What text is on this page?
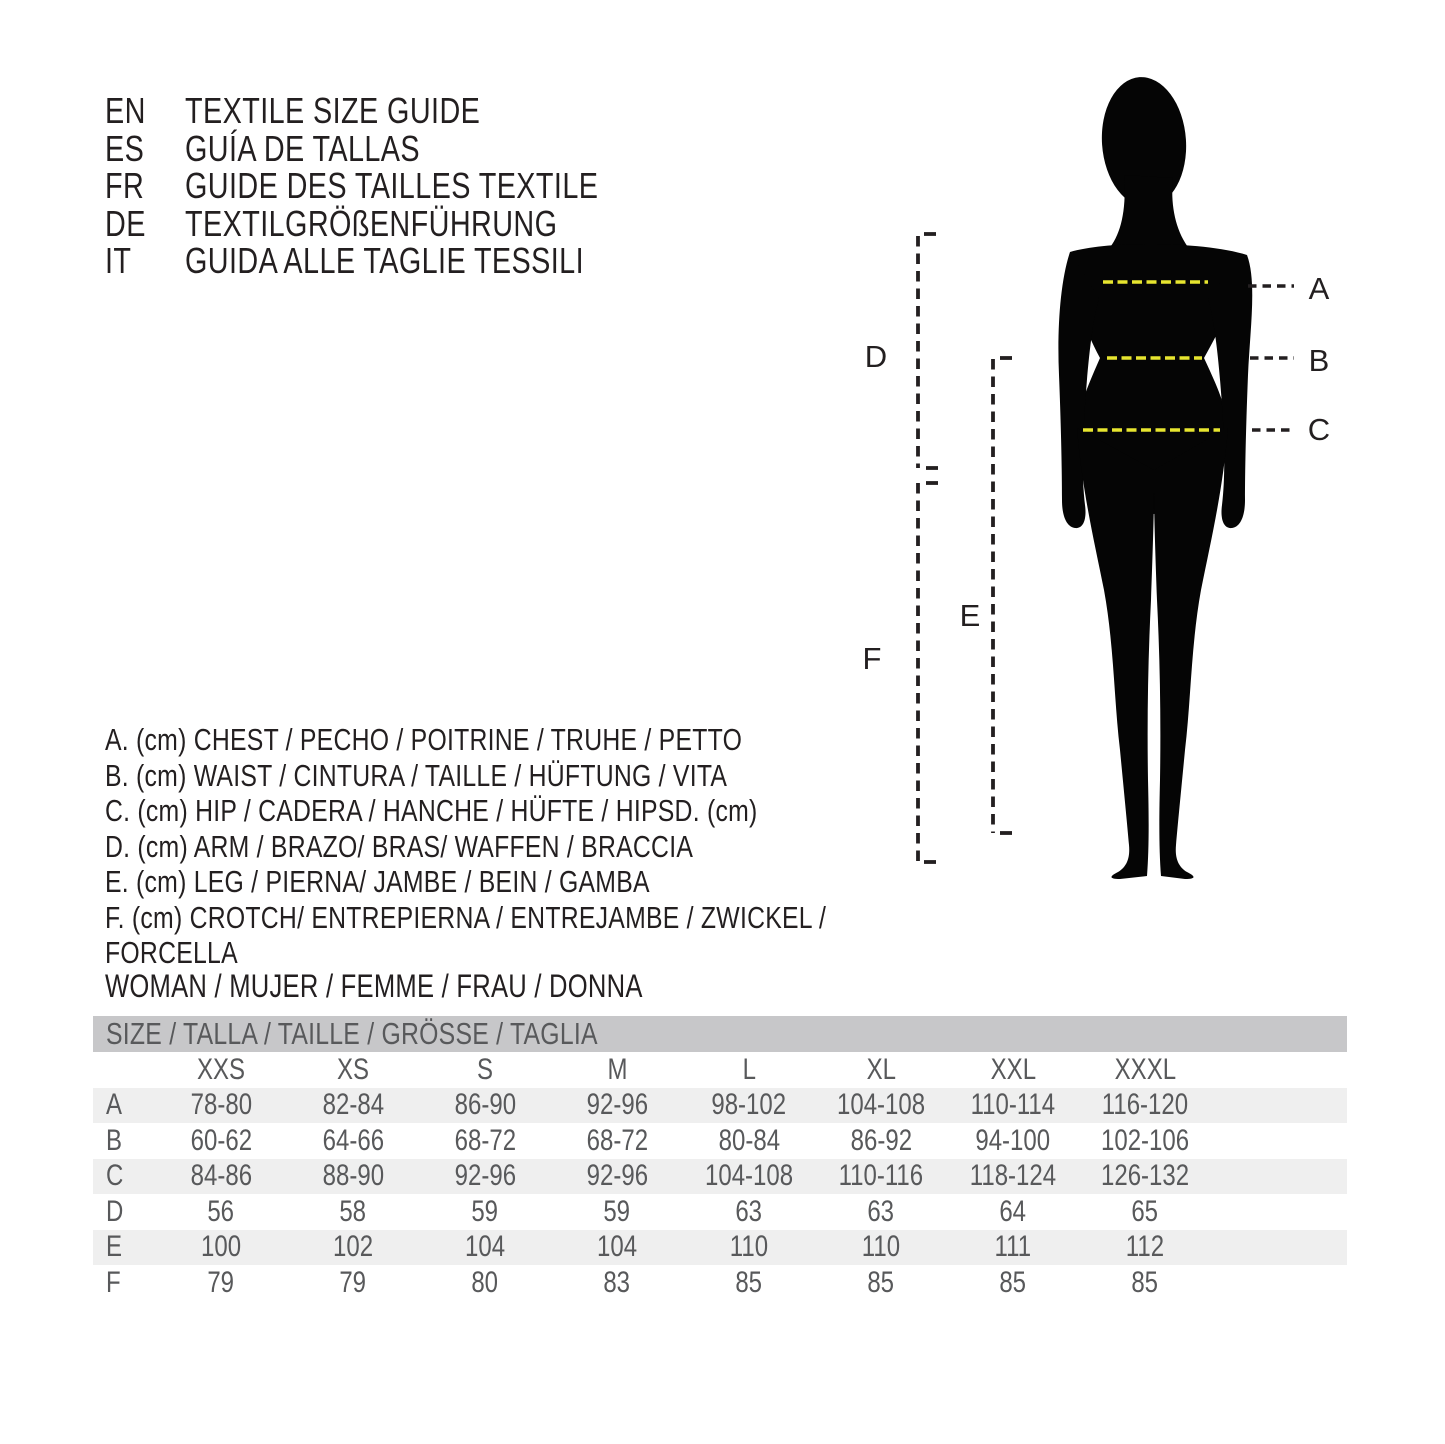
EN	TEXTILE SIZE GUIDE
ES	GUÍA DE TALLAS
FR	GUIDE DES TAILLES TEXTILE
DE	TEXTILGRÖßENFÜHRUNG
IT	GUIDA ALLE TAGLIE TESSILI
A. (cm) CHEST / PECHO / POITRINE / TRUHE / PETTO
B. (cm) WAIST / CINTURA / TAILLE / HÜFTUNG / VITA
C. (cm) HIP / CADERA / HANCHE / HÜFTE / HIPSD. (cm)
D. (cm) ARM / BRAZO/ BRAS/ WAFFEN / BRACCIA
E. (cm) LEG / PIERNA/ JAMBE / BEIN / GAMBA
F. (cm) CROTCH/ ENTREPIERNA / ENTREJAMBE / ZWICKEL / FORCELLA
WOMAN / MUJER / FEMME / FRAU / DONNA
SIZE / TALLA / TAILLE / GRÖSSE / TAGLIA
XXS	XS	S	M	L	XL	XXL	XXXL
A	78-80	82-84	86-90	92-96	98-102	104-108	110-114	116-120
B	60-62	64-66	68-72	68-72	80-84	86-92	94-100	102-106
C	84-86	88-90	92-96	92-96	104-108	110-116	118-124	126-132
D	56	58	59	59	63	63	64	65
E	100	102	104	104	110	110	111	112
F	79	79	80	83	85	85	85	85
A
B
C
D
E
F
